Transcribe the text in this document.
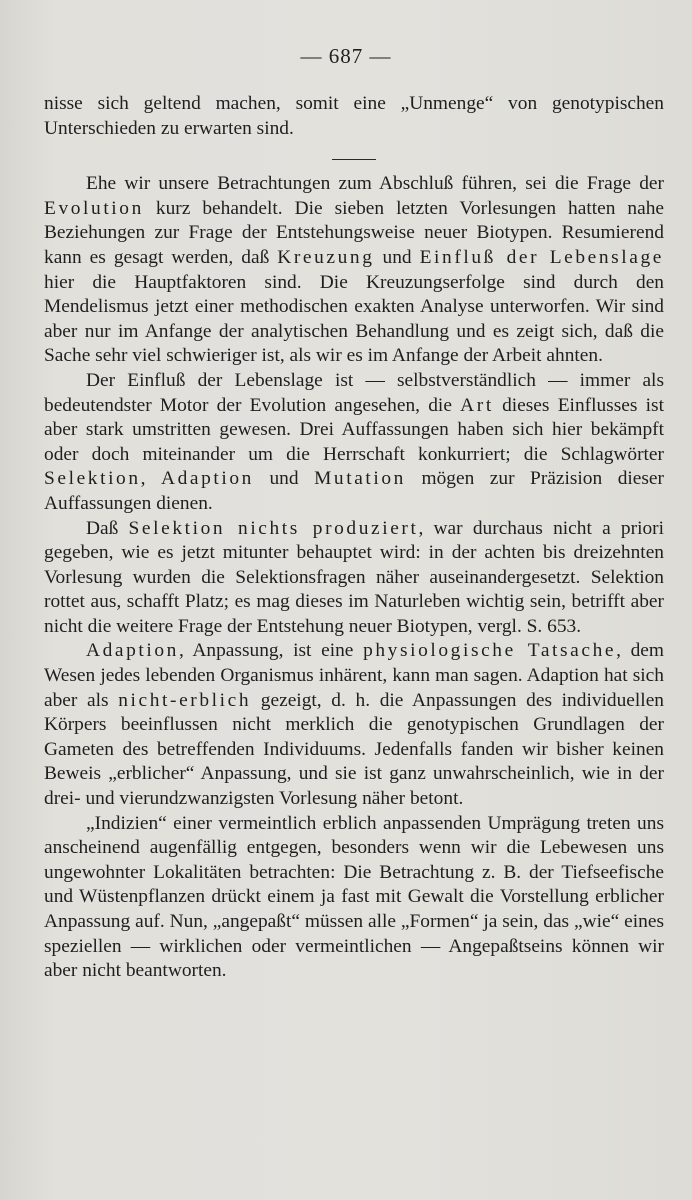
— 687 —

nisse sich geltend machen, somit eine „Unmenge“ von genotypischen Unterschieden zu erwarten sind.

Ehe wir unsere Betrachtungen zum Abschluß führen, sei die Frage der Evolution kurz behandelt. Die sieben letzten Vorlesungen hatten nahe Beziehungen zur Frage der Entstehungsweise neuer Biotypen. Resumierend kann es gesagt werden, daß Kreuzung und Einfluß der Lebenslage hier die Hauptfaktoren sind. Die Kreuzungserfolge sind durch den Mendelismus jetzt einer methodischen exakten Analyse unterworfen. Wir sind aber nur im Anfange der analytischen Behandlung und es zeigt sich, daß die Sache sehr viel schwieriger ist, als wir es im Anfange der Arbeit ahnten.

Der Einfluß der Lebenslage ist — selbstverständlich — immer als bedeutendster Motor der Evolution angesehen, die Art dieses Einflusses ist aber stark umstritten gewesen. Drei Auffassungen haben sich hier bekämpft oder doch miteinander um die Herrschaft konkurriert; die Schlagwörter Selektion, Adaption und Mutation mögen zur Präzision dieser Auffassungen dienen.

Daß Selektion nichts produziert, war durchaus nicht a priori gegeben, wie es jetzt mitunter behauptet wird: in der achten bis dreizehnten Vorlesung wurden die Selektionsfragen näher auseinandergesetzt. Selektion rottet aus, schafft Platz; es mag dieses im Naturleben wichtig sein, betrifft aber nicht die weitere Frage der Entstehung neuer Biotypen, vergl. S. 653.

Adaption, Anpassung, ist eine physiologische Tatsache, dem Wesen jedes lebenden Organismus inhärent, kann man sagen. Adaption hat sich aber als nicht-erblich gezeigt, d. h. die Anpassungen des individuellen Körpers beeinflussen nicht merklich die genotypischen Grundlagen der Gameten des betreffenden Individuums. Jedenfalls fanden wir bisher keinen Beweis „erblicher“ Anpassung, und sie ist ganz unwahrscheinlich, wie in der drei- und vierundzwanzigsten Vorlesung näher betont.

„Indizien“ einer vermeintlich erblich anpassenden Umprägung treten uns anscheinend augenfällig entgegen, besonders wenn wir die Lebewesen uns ungewohnter Lokalitäten betrachten: Die Betrachtung z. B. der Tiefseefische und Wüstenpflanzen drückt einem ja fast mit Gewalt die Vorstellung erblicher Anpassung auf. Nun, „angepaßt“ müssen alle „Formen“ ja sein, das „wie“ eines speziellen — wirklichen oder vermeintlichen — Angepaßtseins können wir aber nicht beantworten.
